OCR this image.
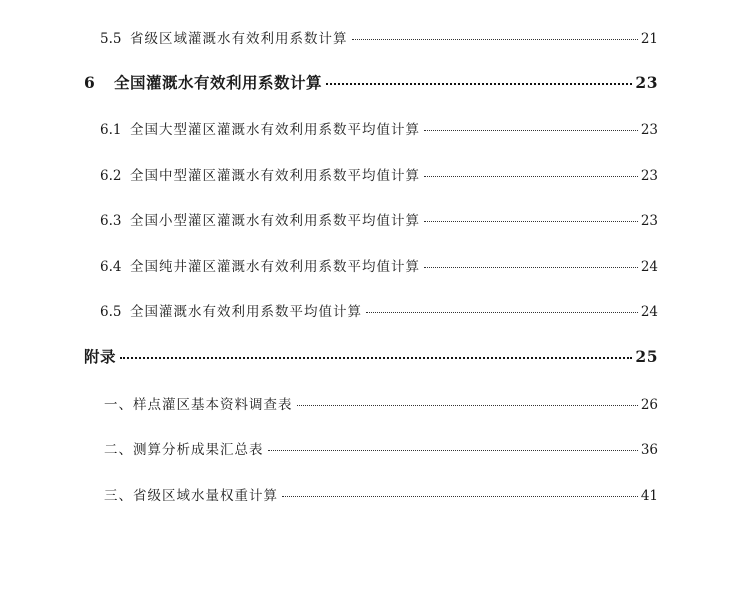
5.5 省级区域灌溉水有效利用系数计算	21
6	全国灌溉水有效利用系数计算	23
6.1 全国大型灌区灌溉水有效利用系数平均值计算	23
6.2 全国中型灌区灌溉水有效利用系数平均值计算	23
6.3 全国小型灌区灌溉水有效利用系数平均值计算	23
6.4 全国纯井灌区灌溉水有效利用系数平均值计算	24
6.5 全国灌溉水有效利用系数平均值计算	24
附录	25
一、样点灌区基本资料调查表	26
二、测算分析成果汇总表	36
三、省级区域水量权重计算	41
